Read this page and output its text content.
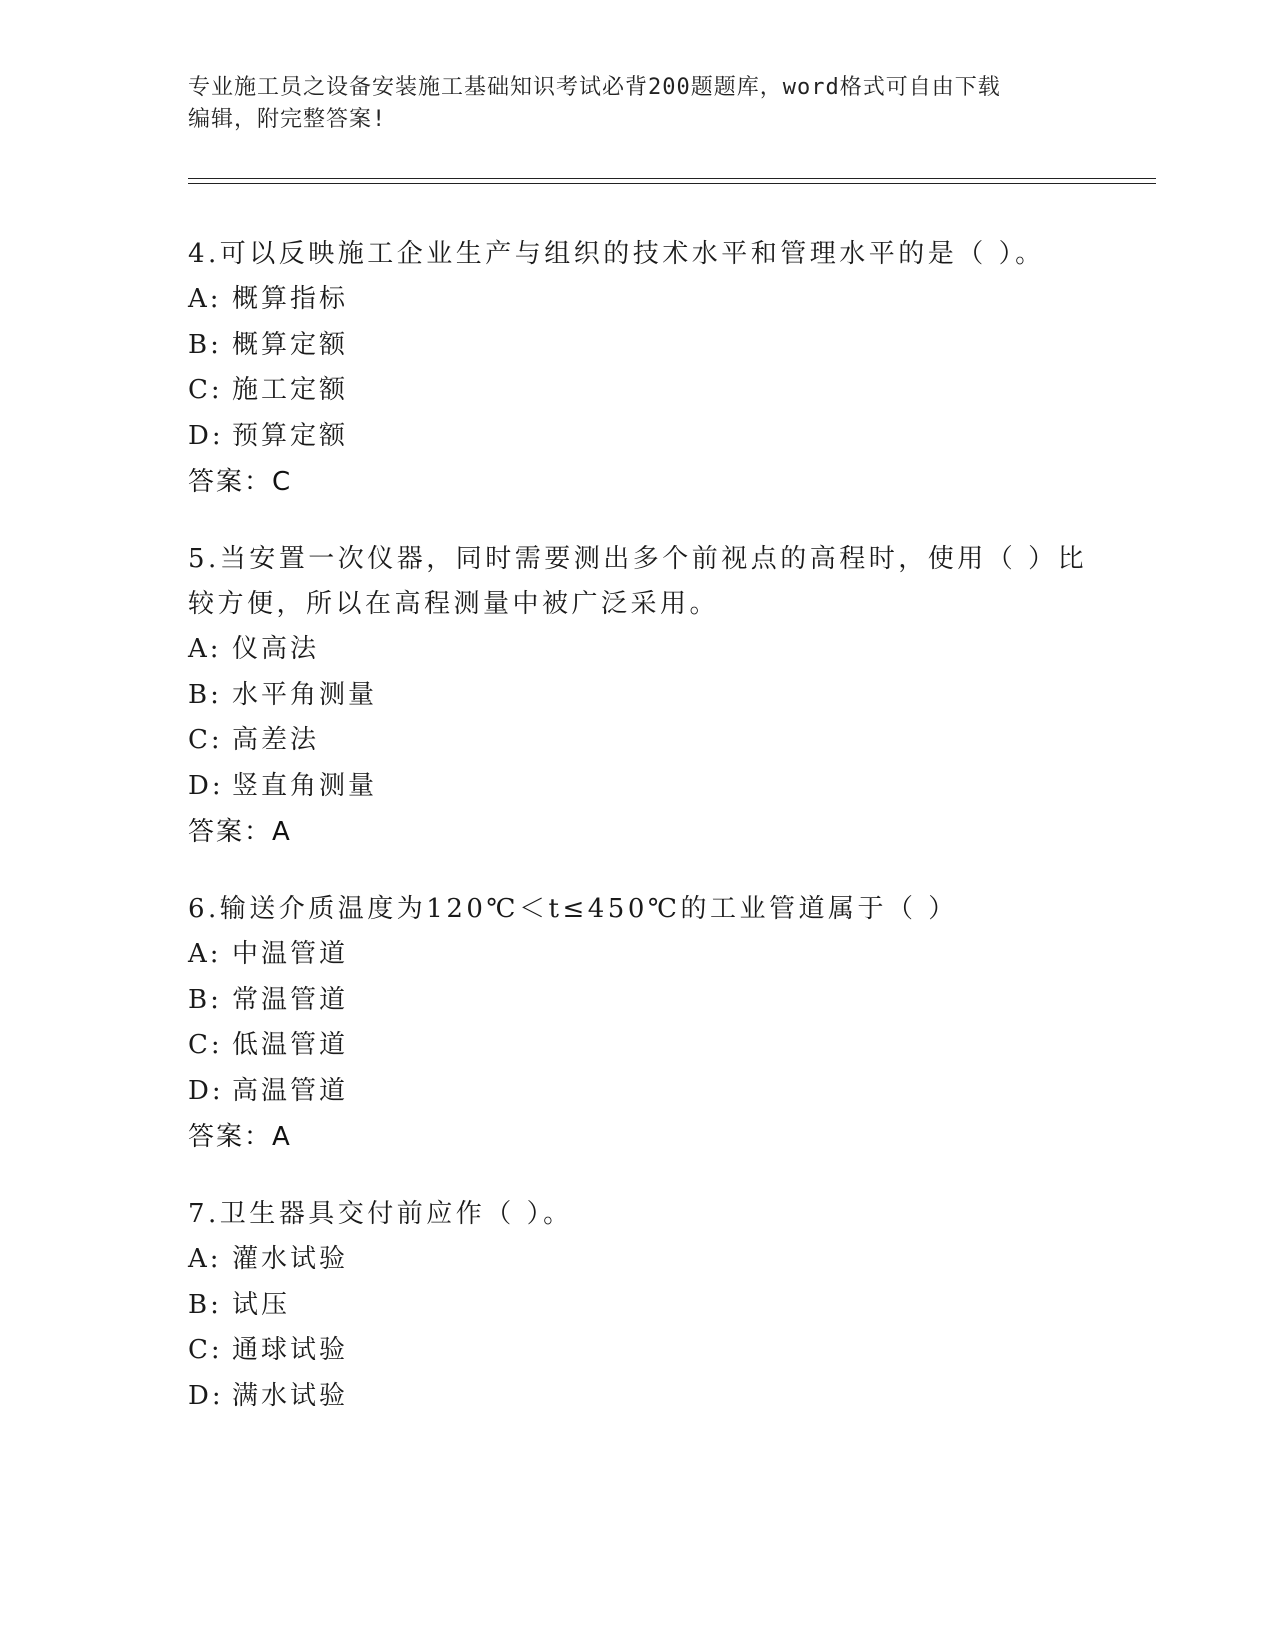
专业施工员之设备安装施工基础知识考试必背200题题库，word格式可自由下载
编辑，附完整答案!
4.可以反映施工企业生产与组织的技术水平和管理水平的是（ ）。
A: 概算指标
B: 概算定额
C: 施工定额
D: 预算定额
答案：C
5.当安置一次仪器，同时需要测出多个前视点的高程时，使用（ ）比较方便，所以在高程测量中被广泛采用。
A: 仪高法
B: 水平角测量
C: 高差法
D: 竖直角测量
答案：A
6.输送介质温度为120℃＜t≤450℃的工业管道属于（ ）
A: 中温管道
B: 常温管道
C: 低温管道
D: 高温管道
答案：A
7.卫生器具交付前应作（ ）。
A: 灌水试验
B: 试压
C: 通球试验
D: 满水试验
